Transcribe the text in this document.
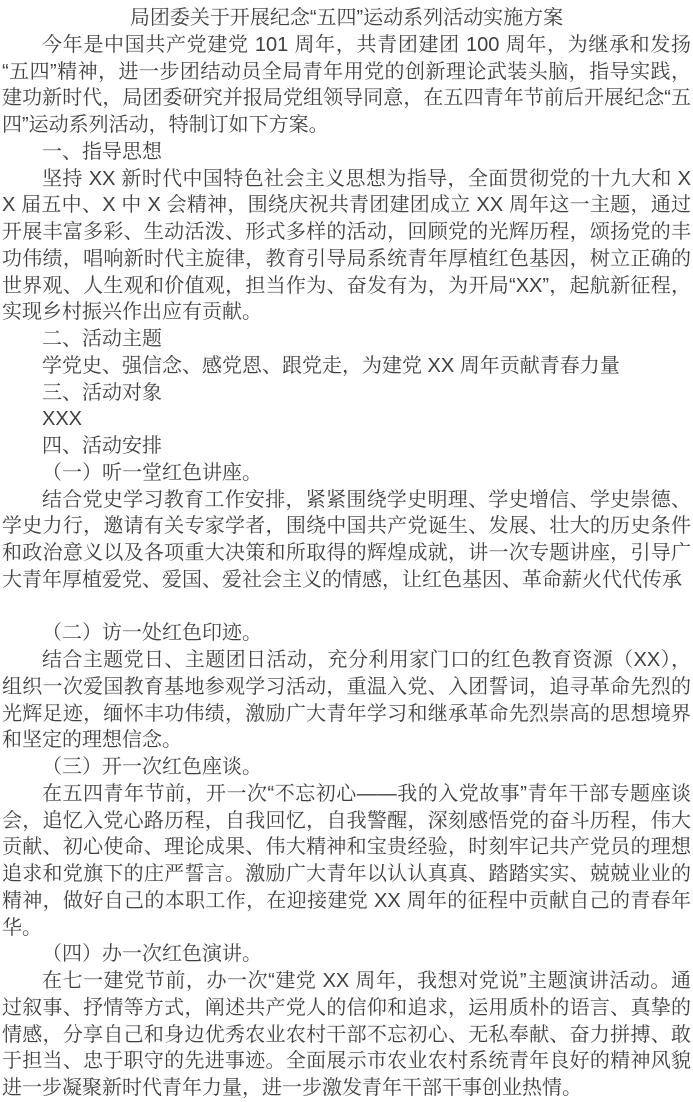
局团委关于开展纪念“五四”运动系列活动实施方案

今年是中国共产党建党 101 周年，共青团建团 100 周年，为继承和发扬“五四”精神，进一步团结动员全局青年用党的创新理论武装头脑，指导实践，建功新时代，局团委研究并报局党组领导同意，在五四青年节前后开展纪念“五四”运动系列活动，特制订如下方案。

一、指导思想

坚持 XX 新时代中国特色社会主义思想为指导，全面贯彻党的十九大和 XX 届五中、X 中 X 会精神，围绕庆祝共青团建团成立 XX 周年这一主题，通过开展丰富多彩、生动活泼、形式多样的活动，回顾党的光辉历程，颂扬党的丰功伟绩，唱响新时代主旋律，教育引导局系统青年厚植红色基因，树立正确的世界观、人生观和价值观，担当作为、奋发有为，为开局“XX”，起航新征程，实现乡村振兴作出应有贡献。

二、活动主题

学党史、强信念、感党恩、跟党走，为建党 XX 周年贡献青春力量

三、活动对象

XXX

四、活动安排

（一）听一堂红色讲座。

结合党史学习教育工作安排，紧紧围绕学史明理、学史增信、学史崇德、学史力行，邀请有关专家学者，围绕中国共产党诞生、发展、壮大的历史条件和政治意义以及各项重大决策和所取得的辉煌成就，讲一次专题讲座，引导广大青年厚植爱党、爱国、爱社会主义的情感，让红色基因、革命薪火代代传承

（二）访一处红色印迹。

结合主题党日、主题团日活动，充分利用家门口的红色教育资源（XX），组织一次爱国教育基地参观学习活动，重温入党、入团誓词，追寻革命先烈的光辉足迹，缅怀丰功伟绩，激励广大青年学习和继承革命先烈崇高的思想境界和坚定的理想信念。

（三）开一次红色座谈。

在五四青年节前，开一次“不忘初心——我的入党故事”青年干部专题座谈会，追忆入党心路历程，自我回忆，自我警醒，深刻感悟党的奋斗历程，伟大贡献、初心使命、理论成果、伟大精神和宝贵经验，时刻牢记共产党员的理想追求和党旗下的庄严誓言。激励广大青年以认认真真、踏踏实实、兢兢业业的精神，做好自己的本职工作，在迎接建党 XX 周年的征程中贡献自己的青春年华。

（四）办一次红色演讲。

在七一建党节前，办一次“建党 XX 周年，我想对党说”主题演讲活动。通过叙事、抒情等方式，阐述共产党人的信仰和追求，运用质朴的语言、真挚的情感，分享自己和身边优秀农业农村干部不忘初心、无私奉献、奋力拼搏、敢于担当、忠于职守的先进事迹。全面展示市农业农村系统青年良好的精神风貌进一步凝聚新时代青年力量，进一步激发青年干部干事创业热情。
